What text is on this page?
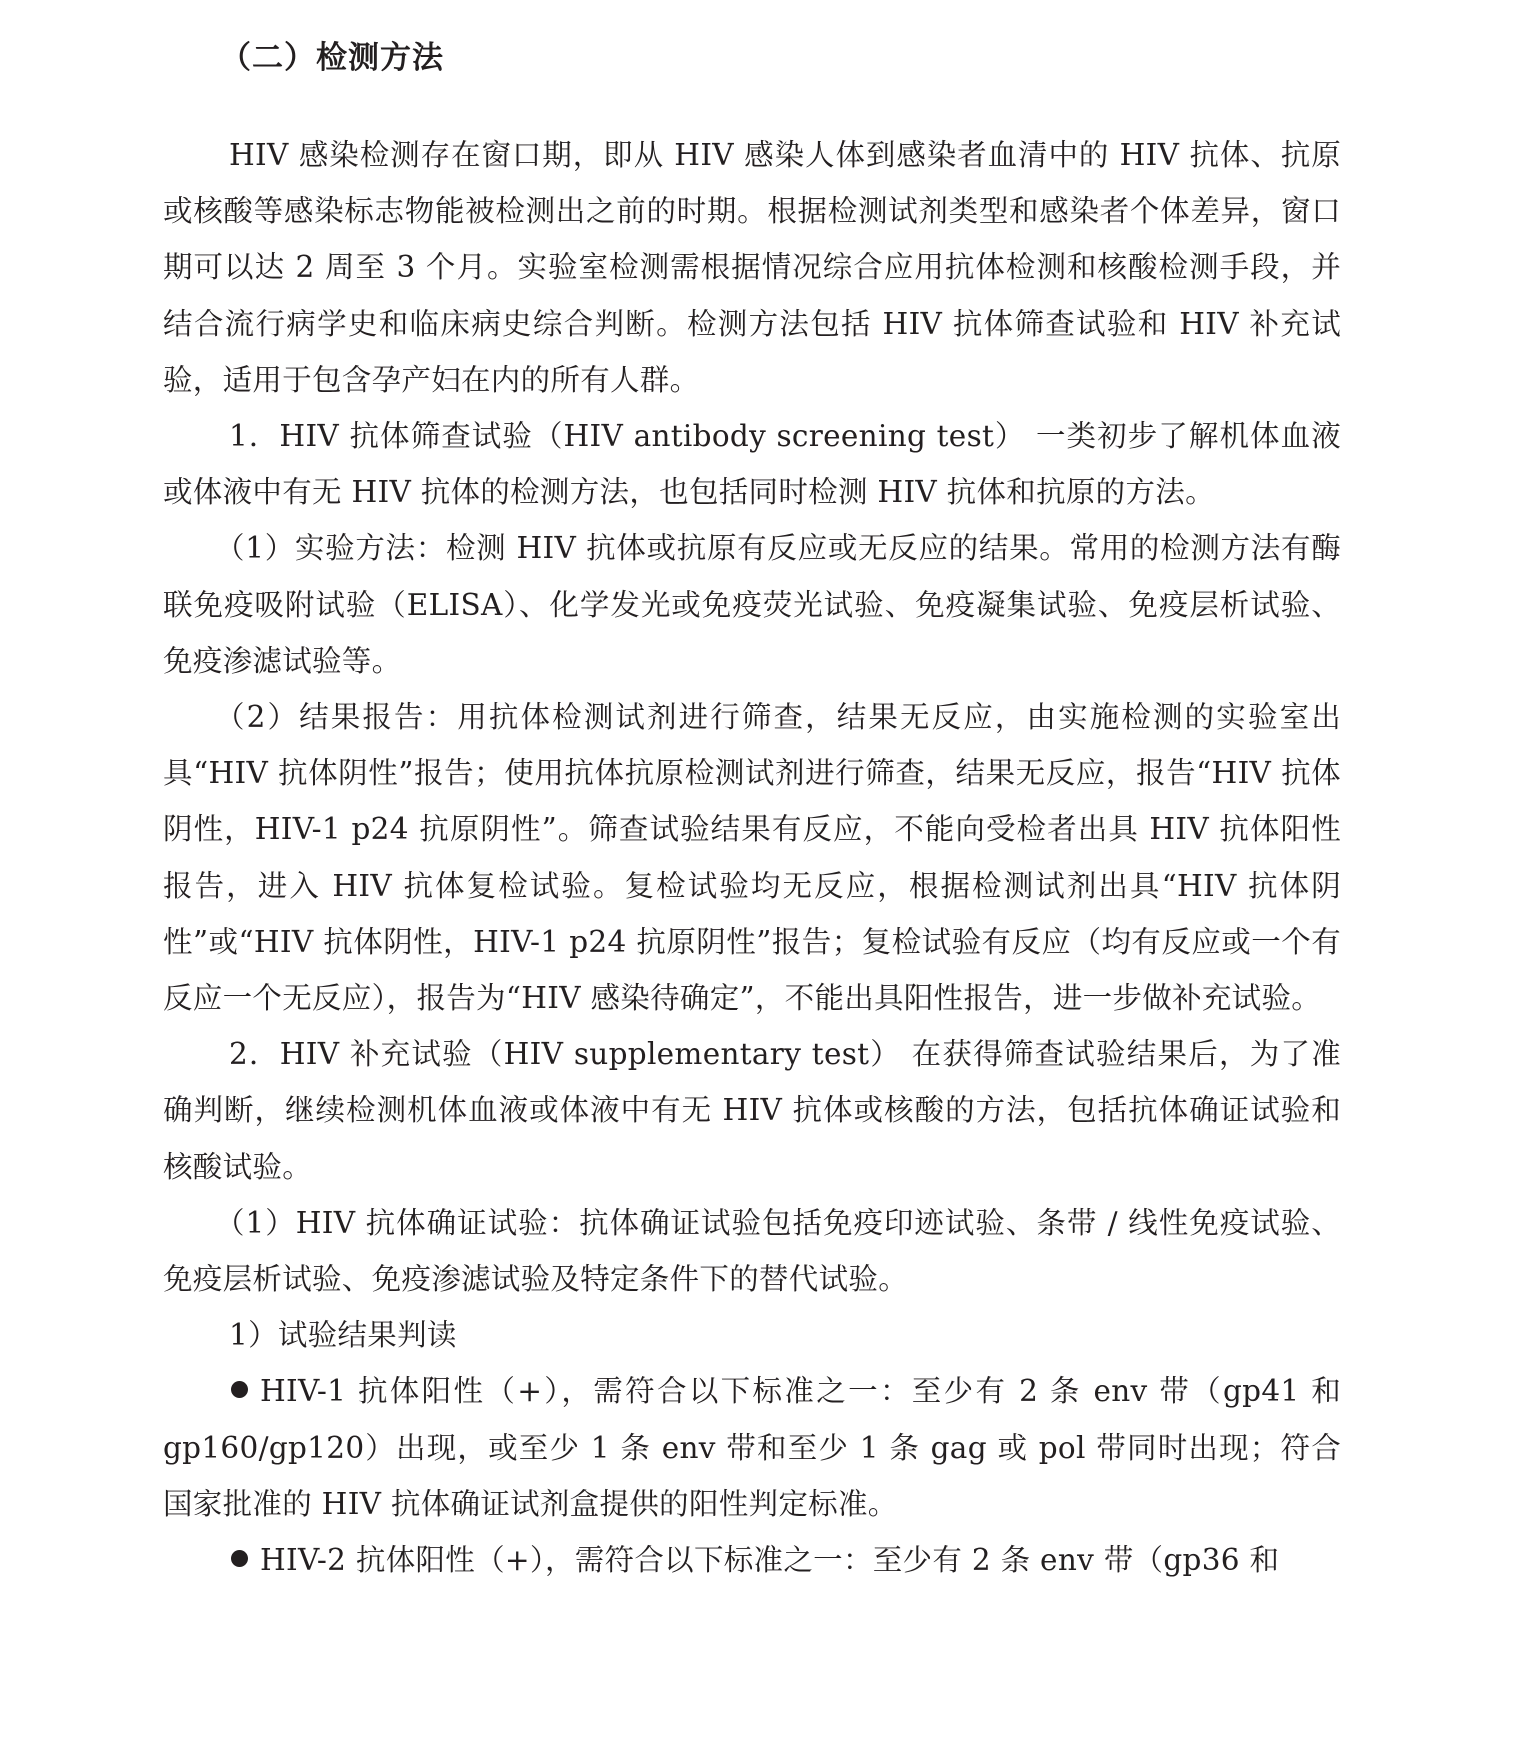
（二）检测方法

HIV 感染检测存在窗口期，即从 HIV 感染人体到感染者血清中的 HIV 抗体、抗原或核酸等感染标志物能被检测出之前的时期。根据检测试剂类型和感染者个体差异，窗口期可以达 2 周至 3 个月。实验室检测需根据情况综合应用抗体检测和核酸检测手段，并结合流行病学史和临床病史综合判断。检测方法包括 HIV 抗体筛查试验和 HIV 补充试验，适用于包含孕产妇在内的所有人群。

1．HIV 抗体筛查试验（HIV antibody screening test） 一类初步了解机体血液或体液中有无 HIV 抗体的检测方法，也包括同时检测 HIV 抗体和抗原的方法。

（1）实验方法：检测 HIV 抗体或抗原有反应或无反应的结果。常用的检测方法有酶联免疫吸附试验（ELISA）、化学发光或免疫荧光试验、免疫凝集试验、免疫层析试验、免疫渗滤试验等。

（2）结果报告：用抗体检测试剂进行筛查，结果无反应，由实施检测的实验室出具“HIV 抗体阴性”报告；使用抗体抗原检测试剂进行筛查，结果无反应，报告“HIV 抗体阴性，HIV-1 p24 抗原阴性”。筛查试验结果有反应，不能向受检者出具 HIV 抗体阳性报告，进入 HIV 抗体复检试验。复检试验均无反应，根据检测试剂出具“HIV 抗体阴性”或“HIV 抗体阴性，HIV-1 p24 抗原阴性”报告；复检试验有反应（均有反应或一个有反应一个无反应），报告为“HIV 感染待确定”，不能出具阳性报告，进一步做补充试验。

2．HIV 补充试验（HIV supplementary test） 在获得筛查试验结果后，为了准确判断，继续检测机体血液或体液中有无 HIV 抗体或核酸的方法，包括抗体确证试验和核酸试验。

（1）HIV 抗体确证试验：抗体确证试验包括免疫印迹试验、条带 / 线性免疫试验、免疫层析试验、免疫渗滤试验及特定条件下的替代试验。

1）试验结果判读

HIV-1 抗体阳性（+），需符合以下标准之一：至少有 2 条 env 带（gp41 和 gp160/gp120）出现，或至少 1 条 env 带和至少 1 条 gag 或 pol 带同时出现；符合国家批准的 HIV 抗体确证试剂盒提供的阳性判定标准。

HIV-2 抗体阳性（+），需符合以下标准之一：至少有 2 条 env 带（gp36 和
